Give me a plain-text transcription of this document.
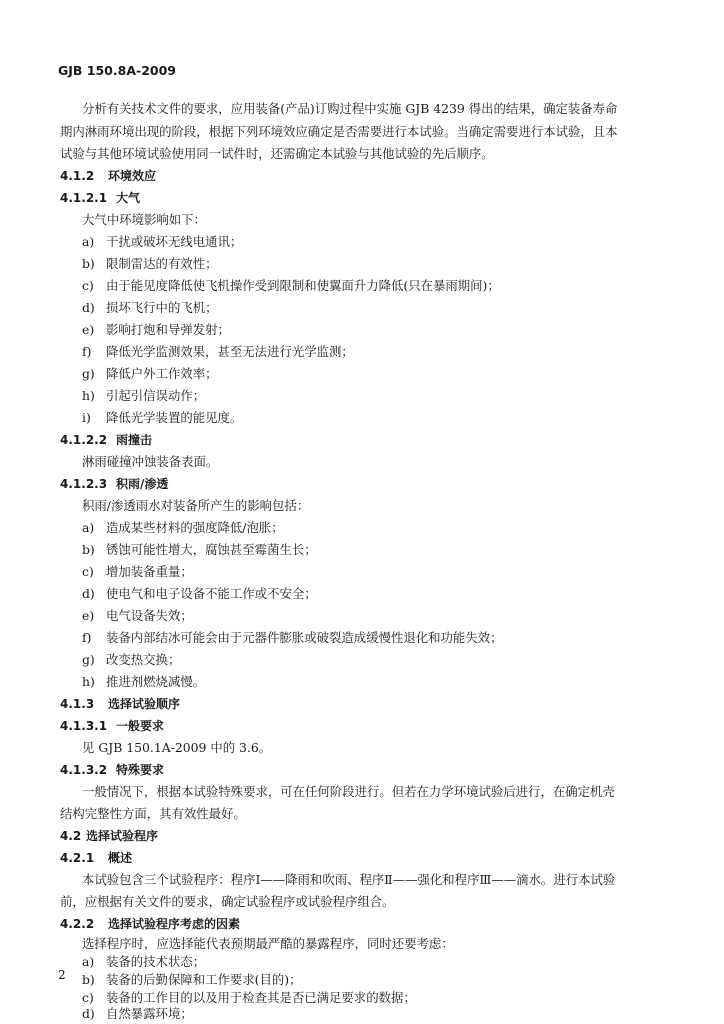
GJB 150.8A-2009
分析有关技术文件的要求，应用装备(产品)订购过程中实施 GJB 4239 得出的结果，确定装备寿命
期内淋雨环境出现的阶段，根据下列环境效应确定是否需要进行本试验。当确定需要进行本试验，且本
试验与其他环境试验使用同一试件时，还需确定本试验与其他试验的先后顺序。
4.1.2 环境效应
4.1.2.1 大气
大气中环境影响如下：
a) 干扰或破坏无线电通讯；
b) 限制雷达的有效性；
c) 由于能见度降低使飞机操作受到限制和使翼面升力降低(只在暴雨期间)；
d) 损坏飞行中的飞机；
e) 影响打炮和导弹发射；
f) 降低光学监测效果，甚至无法进行光学监测；
g) 降低户外工作效率；
h) 引起引信误动作；
i) 降低光学装置的能见度。
4.1.2.2 雨撞击
淋雨碰撞冲蚀装备表面。
4.1.2.3 积雨/渗透
积雨/渗透雨水对装备所产生的影响包括：
a) 造成某些材料的强度降低/泡胀；
b) 锈蚀可能性增大，腐蚀甚至霉菌生长；
c) 增加装备重量；
d) 使电气和电子设备不能工作或不安全；
e) 电气设备失效；
f) 装备内部结冰可能会由于元器件膨胀或破裂造成缓慢性退化和功能失效；
g) 改变热交换；
h) 推进剂燃烧减慢。
4.1.3 选择试验顺序
4.1.3.1 一般要求
见 GJB 150.1A-2009 中的 3.6。
4.1.3.2 特殊要求
一般情况下，根据本试验特殊要求，可在任何阶段进行。但若在力学环境试验后进行，在确定机壳
结构完整性方面，其有效性最好。
4.2 选择试验程序
4.2.1 概述
本试验包含三个试验程序：程序Ⅰ——降雨和吹雨、程序Ⅱ——强化和程序Ⅲ——滴水。进行本试验
前，应根据有关文件的要求，确定试验程序或试验程序组合。
4.2.2 选择试验程序考虑的因素
选择程序时，应选择能代表预期最严酷的暴露程序，同时还要考虑：
a) 装备的技术状态；
b) 装备的后勤保障和工作要求(目的)；
c) 装备的工作目的以及用于检查其是否已满足要求的数据；
d) 自然暴露环境；
2
